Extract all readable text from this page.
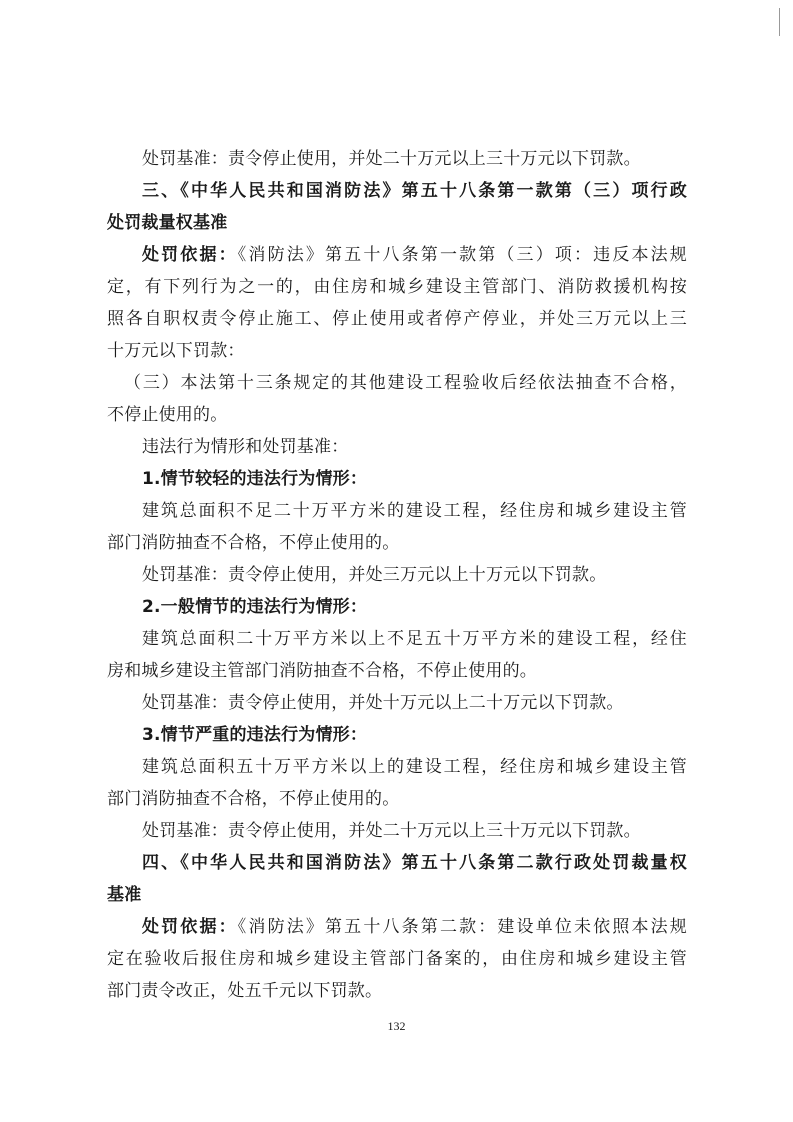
处罚基准：责令停止使用，并处二十万元以上三十万元以下罚款。
三、《中华人民共和国消防法》第五十八条第一款第（三）项行政
处罚裁量权基准
处罚依据：《消防法》第五十八条第一款第（三）项：违反本法规
定，有下列行为之一的，由住房和城乡建设主管部门、消防救援机构按
照各自职权责令停止施工、停止使用或者停产停业，并处三万元以上三
十万元以下罚款：
（三）本法第十三条规定的其他建设工程验收后经依法抽查不合格，
不停止使用的。
违法行为情形和处罚基准：
1.情节较轻的违法行为情形：
建筑总面积不足二十万平方米的建设工程，经住房和城乡建设主管
部门消防抽查不合格，不停止使用的。
处罚基准：责令停止使用，并处三万元以上十万元以下罚款。
2.一般情节的违法行为情形：
建筑总面积二十万平方米以上不足五十万平方米的建设工程，经住
房和城乡建设主管部门消防抽查不合格，不停止使用的。
处罚基准：责令停止使用，并处十万元以上二十万元以下罚款。
3.情节严重的违法行为情形：
建筑总面积五十万平方米以上的建设工程，经住房和城乡建设主管
部门消防抽查不合格，不停止使用的。
处罚基准：责令停止使用，并处二十万元以上三十万元以下罚款。
四、《中华人民共和国消防法》第五十八条第二款行政处罚裁量权
基准
处罚依据：《消防法》第五十八条第二款：建设单位未依照本法规
定在验收后报住房和城乡建设主管部门备案的，由住房和城乡建设主管
部门责令改正，处五千元以下罚款。
132
